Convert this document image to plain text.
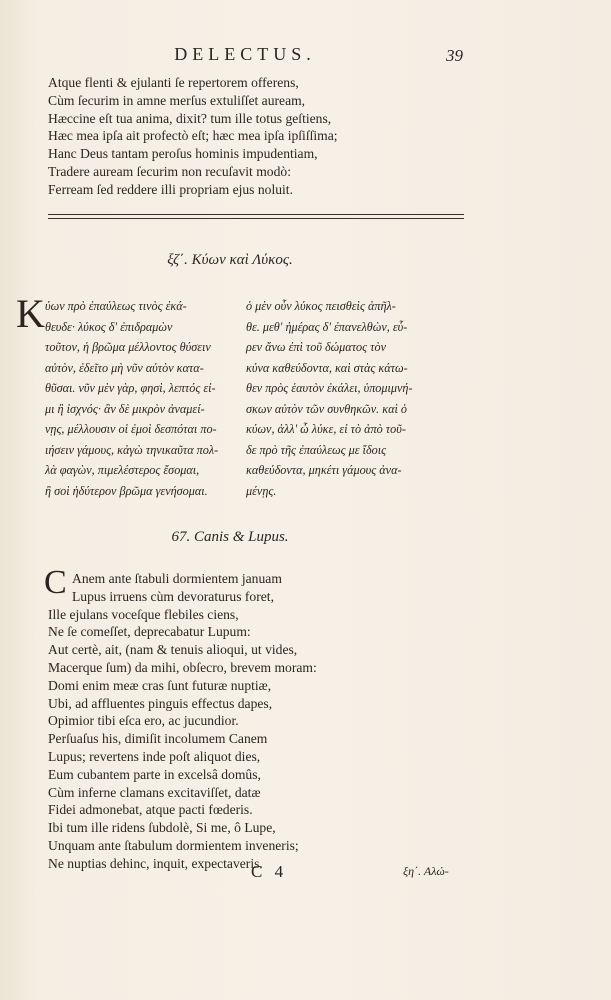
DELECTUS.	39
Atque flenti & ejulanti ſe repertorem offerens,
Cùm ſecurim in amne merſus extuliſſet auream,
Hæccine eſt tua anima, dixit? tum ille totus geſtiens,
Hæc mea ipſa ait profectò eſt; hæc mea ipſa ipſiſſima;
Hanc Deus tantam peroſus hominis impudentiam,
Tradere auream ſecurim non recuſavit modò:
Ferream ſed reddere illi propriam ejus noluit.
ξζ΄. Κύων καὶ Λύκος.
K ύων πρὸ ἐπαύλεως τινὸς ἐκά-
θευδε· λύκος δ' ἐπιδραμὼν
τοῦτον, ἡ βρῶμα μέλλοντος θύσειν
αὐτὸν, ἐδεῖτο μὴ νῦν αὐτὸν κατα-
θῦσαι. νῦν μὲν γὰρ, φησὶ, λεπτός εἰ-
μι ἢ ἰσχνός· ἂν δὲ μικρὸν ἀναμεί-
νῃς, μέλλουσιν οἱ ἐμοὶ δεσπόται πο-
ιήσειν γάμους, κἀγὼ τηνικαῦτα πολ-
λὰ φαγὼν, πιμελέστερος ἔσομαι,
ἢ σοὶ ἡδύτερον βρῶμα γενήσομαι.
ὁ μὲν οὖν λύκος πεισθεὶς ἀπῆλ-
θε. μεθ' ἡμέρας δ' ἐπανελθὼν, εὗ-
ρεν ἄνω ἐπὶ τοῦ δώματος τὸν
κύνα καθεύδοντα, καὶ στὰς κάτω-
θεν πρὸς ἑαυτὸν ἐκάλει, ὑπομιμνή-
σκων αὐτὸν τῶν συνθηκῶν. καὶ ὁ
κύων, ἀλλ' ὦ λύκε, εἰ τὸ ἀπὸ τοῦ-
δε πρὸ τῆς ἐπαύλεως με ἴδοις
καθεύδοντα, μηκέτι γάμους ἀνα-
μένῃς.
67. Canis & Lupus.
C Anem ante ſtabuli dormientem januam
Lupus irruens cùm devoraturus foret,
Ille ejulans voceſque flebiles ciens,
Ne ſe comeſſet, deprecabatur Lupum:
Aut certè, ait, (nam & tenuis alioqui, ut vides,
Macerque ſum) da mihi, obſecro, brevem moram:
Domi enim meæ cras ſunt futuræ nuptiæ,
Ubi, ad affluentes pinguis effectus dapes,
Opimior tibi eſca ero, ac jucundior.
Perſuaſus his, dimiſit incolumem Canem
Lupus; revertens inde poſt aliquot dies,
Eum cubantem parte in excelsâ domûs,
Cùm inferne clamans excitaviſſet, datæ
Fidei admonebat, atque pacti fœderis.
Ibi tum ille ridens ſubdolè, Si me, ô Lupe,
Unquam ante ſtabulum dormientem inveneris;
Ne nuptias dehinc, inquit, expectaveris.
C 4	ξη΄. Αλώ-
